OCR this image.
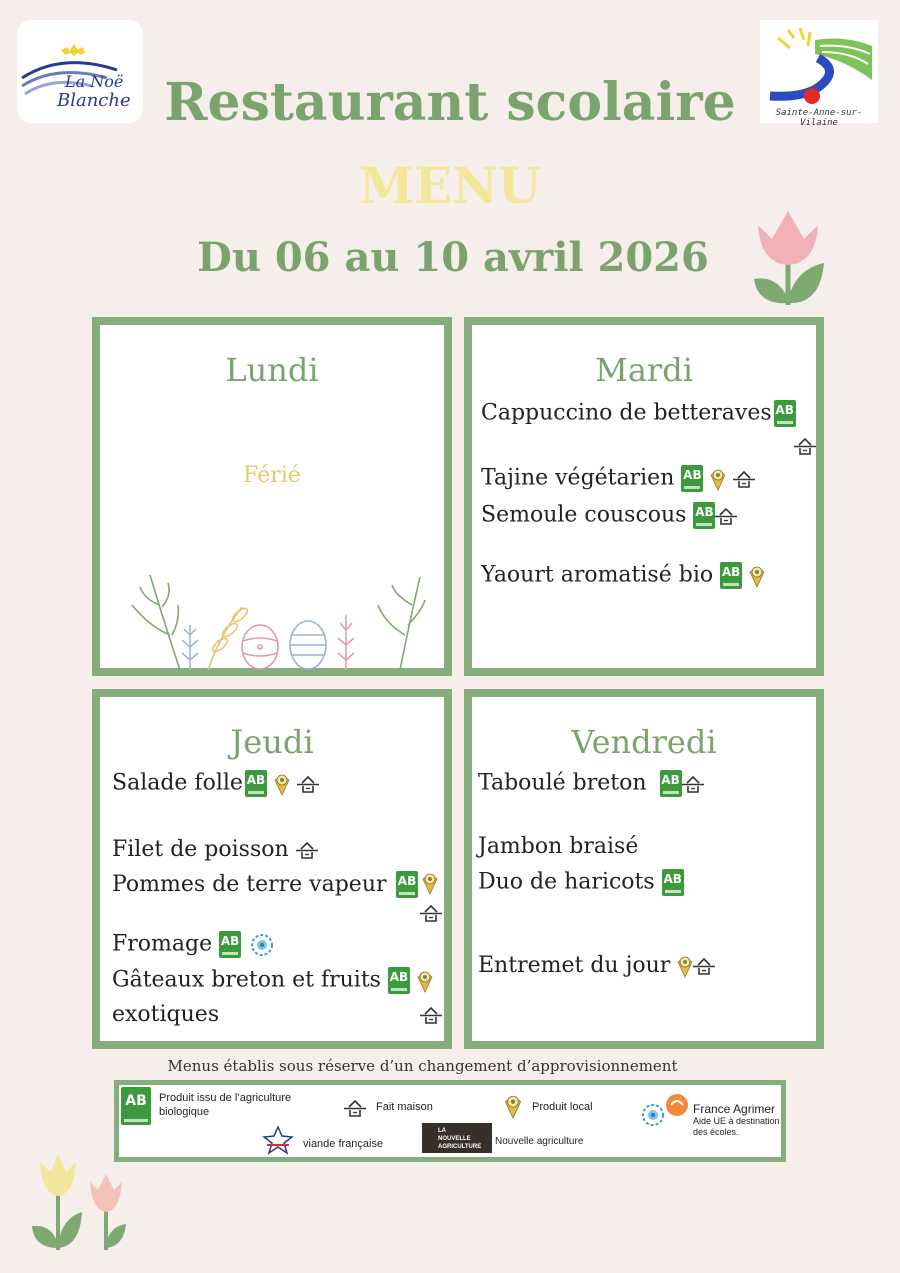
La Noë
Blanche
Sainte-Anne-sur-Vilaine
Restaurant scolaire
MENU
Du 06 au 10 avril 2026
Lundi
Férié
Mardi
Cappuccino de betteraves AB
Tajine végétarien AB
Semoule couscous AB
Yaourt aromatisé bio AB
Jeudi
Salade folle AB
Filet de poisson
Pommes de terre vapeur AB
Fromage AB
Gâteaux breton et fruits AB
exotiques
Vendredi
Taboulé breton AB
Jambon braisé
Duo de haricots AB
Entremet du jour
Menus établis sous réserve d’un changement d’approvisionnement
AB	Produit issu de l’agriculture
biologique	Fait maison	Produit local	France Agrimer
Aide UE à destination
des écoles.
viande française
LA
NOUVELLE
AGRICULTURE	Nouvelle agriculture
